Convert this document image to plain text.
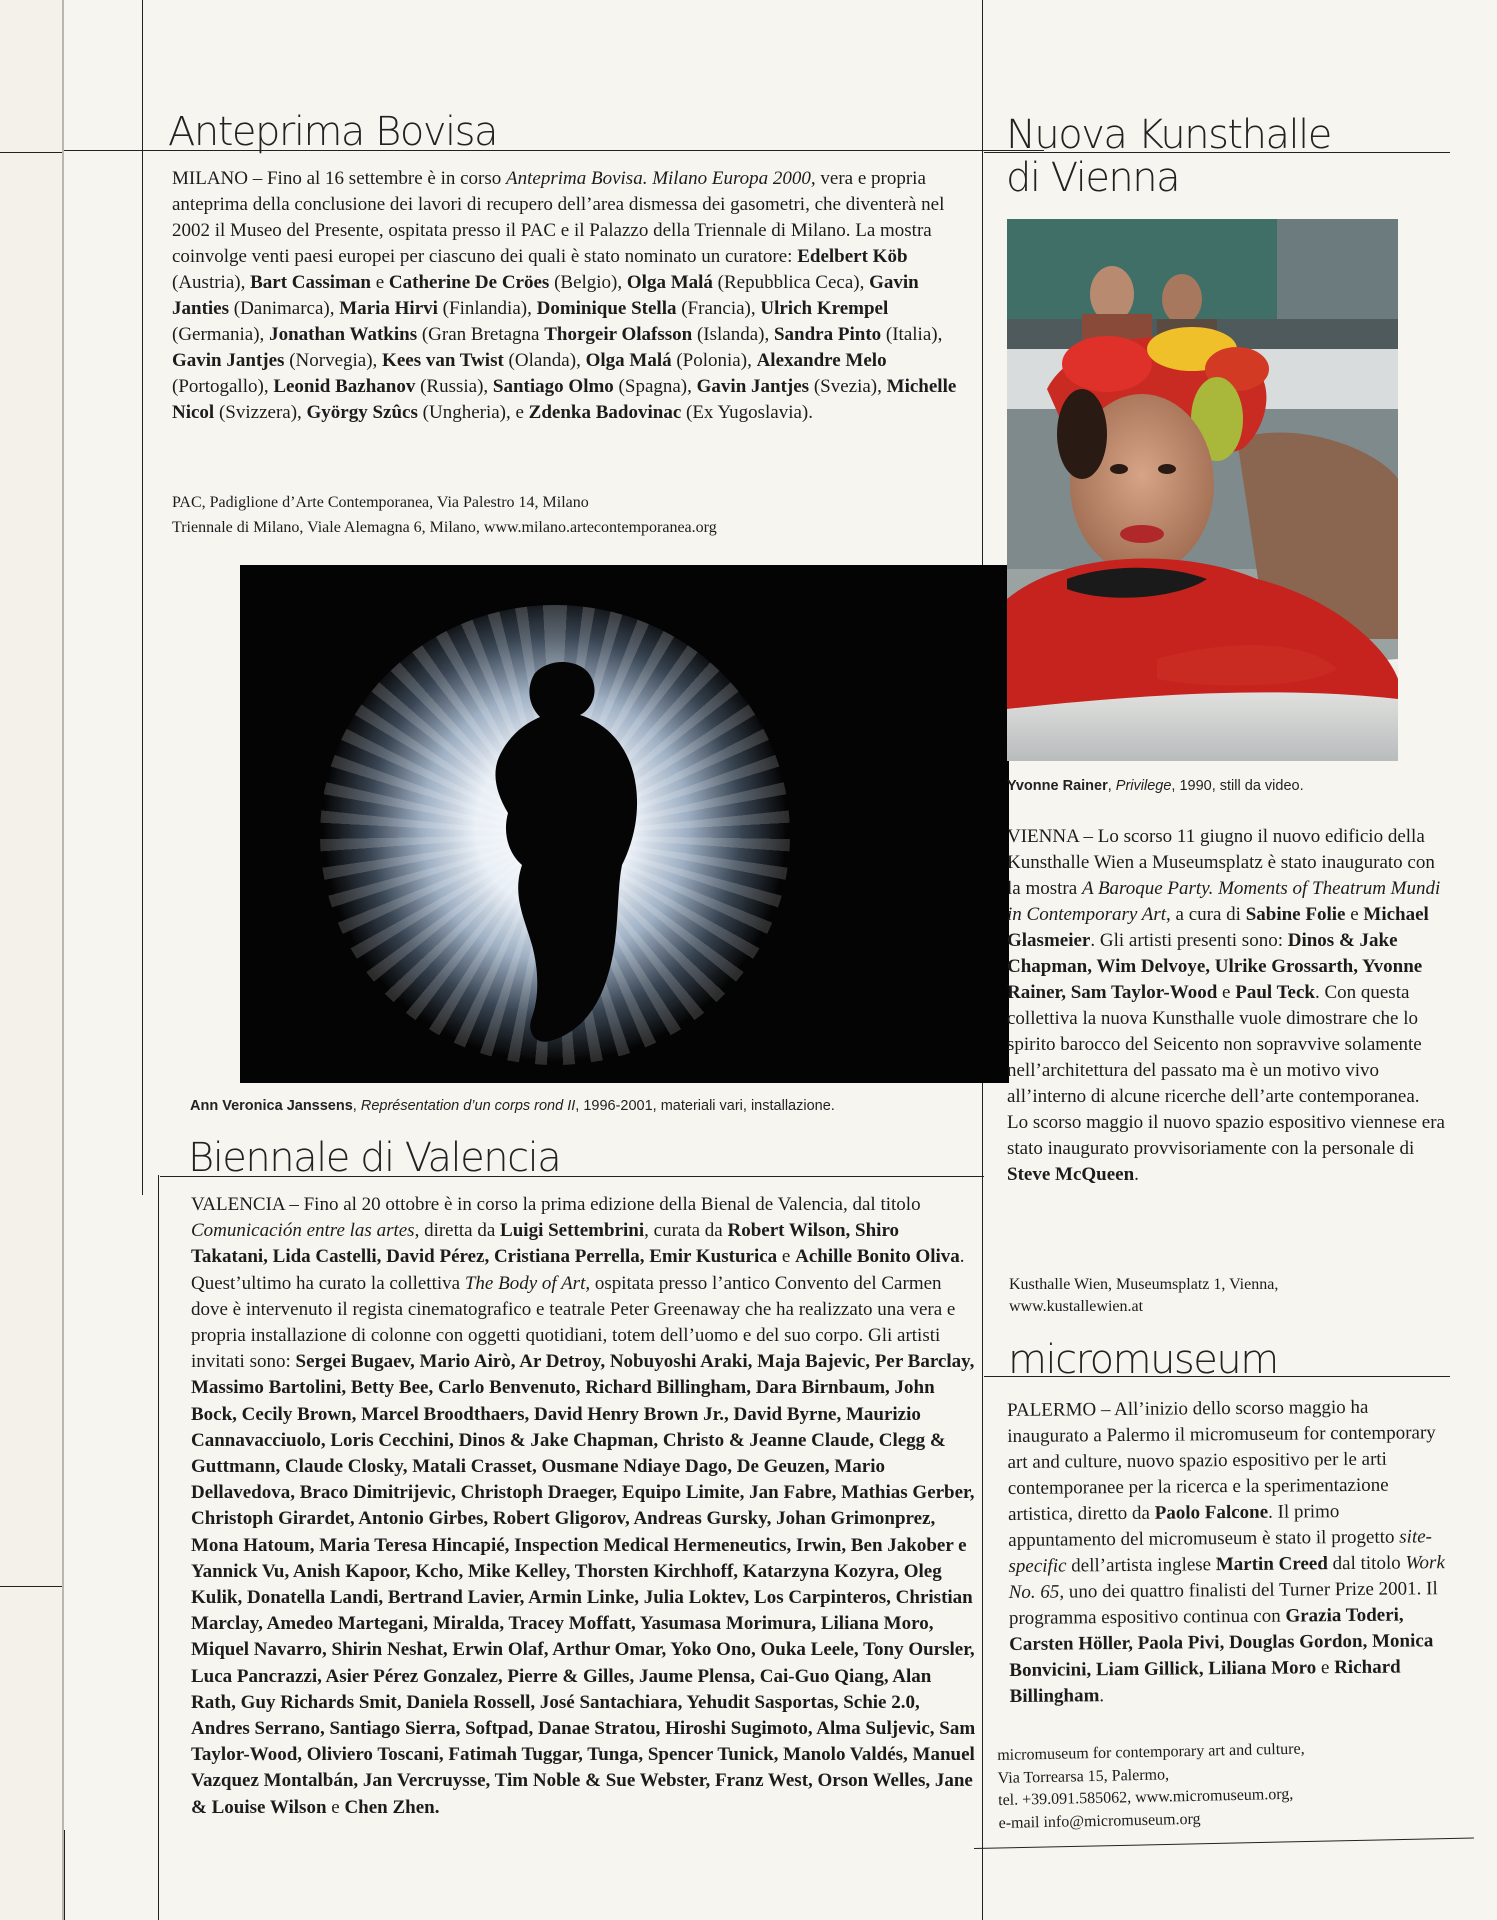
Anteprima Bovisa
MILANO – Fino al 16 settembre è in corso Anteprima Bovisa. Milano Europa 2000, vera e propria anteprima della conclusione dei lavori di recupero dell’area dismessa dei gasometri, che diventerà nel 2002 il Museo del Presente, ospitata presso il PAC e il Palazzo della Triennale di Milano. La mostra coinvolge venti paesi europei per ciascuno dei quali è stato nominato un curatore: Edelbert Köb (Austria), Bart Cassiman e Catherine De Cröes (Belgio), Olga Malá (Repubblica Ceca), Gavin Janties (Danimarca), Maria Hirvi (Finlandia), Dominique Stella (Francia), Ulrich Krempel (Germania), Jonathan Watkins (Gran Bretagna Thorgeir Olafsson (Islanda), Sandra Pinto (Italia), Gavin Jantjes (Norvegia), Kees van Twist (Olanda), Olga Malá (Polonia), Alexandre Melo (Portogallo), Leonid Bazhanov (Russia), Santiago Olmo (Spagna), Gavin Jantjes (Svezia), Michelle Nicol (Svizzera), György Szûcs (Ungheria), e Zdenka Badovinac (Ex Yugoslavia).
PAC, Padiglione d’Arte Contemporanea, Via Palestro 14, Milano
Triennale di Milano, Viale Alemagna 6, Milano, www.milano.artecontemporanea.org
Ann Veronica Janssens, Représentation d’un corps rond II, 1996-2001, materiali vari, installazione.
Biennale di Valencia
VALENCIA – Fino al 20 ottobre è in corso la prima edizione della Bienal de Valencia, dal titolo Comunicación entre las artes, diretta da Luigi Settembrini, curata da Robert Wilson, Shiro Takatani, Lida Castelli, David Pérez, Cristiana Perrella, Emir Kusturica e Achille Bonito Oliva. Quest’ultimo ha curato la collettiva The Body of Art, ospitata presso l’antico Convento del Carmen dove è intervenuto il regista cinematografico e teatrale Peter Greenaway che ha realizzato una vera e propria installazione di colonne con oggetti quotidiani, totem dell’uomo e del suo corpo. Gli artisti invitati sono: Sergei Bugaev, Mario Airò, Ar Detroy, Nobuyoshi Araki, Maja Bajevic, Per Barclay, Massimo Bartolini, Betty Bee, Carlo Benvenuto, Richard Billingham, Dara Birnbaum, John Bock, Cecily Brown, Marcel Broodthaers, David Henry Brown Jr., David Byrne, Maurizio Cannavacciuolo, Loris Cecchini, Dinos & Jake Chapman, Christo & Jeanne Claude, Clegg & Guttmann, Claude Closky, Matali Crasset, Ousmane Ndiaye Dago, De Geuzen, Mario Dellavedova, Braco Dimitrijevic, Christoph Draeger, Equipo Limite, Jan Fabre, Mathias Gerber, Christoph Girardet, Antonio Girbes, Robert Gligorov, Andreas Gursky, Johan Grimonprez, Mona Hatoum, Maria Teresa Hincapié, Inspection Medical Hermeneutics, Irwin, Ben Jakober e Yannick Vu, Anish Kapoor, Kcho, Mike Kelley, Thorsten Kirchhoff, Katarzyna Kozyra, Oleg Kulik, Donatella Landi, Bertrand Lavier, Armin Linke, Julia Loktev, Los Carpinteros, Christian Marclay, Amedeo Martegani, Miralda, Tracey Moffatt, Yasumasa Morimura, Liliana Moro, Miquel Navarro, Shirin Neshat, Erwin Olaf, Arthur Omar, Yoko Ono, Ouka Leele, Tony Oursler, Luca Pancrazzi, Asier Pérez Gonzalez, Pierre & Gilles, Jaume Plensa, Cai-Guo Qiang, Alan Rath, Guy Richards Smit, Daniela Rossell, José Santachiara, Yehudit Sasportas, Schie 2.0, Andres Serrano, Santiago Sierra, Softpad, Danae Stratou, Hiroshi Sugimoto, Alma Suljevic, Sam Taylor-Wood, Oliviero Toscani, Fatimah Tuggar, Tunga, Spencer Tunick, Manolo Valdés, Manuel Vazquez Montalbán, Jan Vercruysse, Tim Noble & Sue Webster, Franz West, Orson Welles, Jane & Louise Wilson e Chen Zhen.
Nuova Kunsthalle
di Vienna
Yvonne Rainer, Privilege, 1990, still da video.
VIENNA – Lo scorso 11 giugno il nuovo edificio della Kunsthalle Wien a Museumsplatz è stato inaugurato con la mostra A Baroque Party. Moments of Theatrum Mundi in Contemporary Art, a cura di Sabine Folie e Michael Glasmeier. Gli artisti presenti sono: Dinos & Jake Chapman, Wim Delvoye, Ulrike Grossarth, Yvonne Rainer, Sam Taylor-Wood e Paul Teck. Con questa collettiva la nuova Kunsthalle vuole dimostrare che lo spirito barocco del Seicento non sopravvive solamente nell’architettura del passato ma è un motivo vivo all’interno di alcune ricerche dell’arte contemporanea.
Lo scorso maggio il nuovo spazio espositivo viennese era stato inaugurato provvisoriamente con la personale di Steve McQueen.
Kusthalle Wien, Museumsplatz 1, Vienna,
www.kustallewien.at
micromuseum
PALERMO – All’inizio dello scorso maggio ha inaugurato a Palermo il micromuseum for contemporary art and culture, nuovo spazio espositivo per le arti contemporanee per la ricerca e la sperimentazione artistica, diretto da Paolo Falcone. Il primo appuntamento del micromuseum è stato il progetto site-specific dell’artista inglese Martin Creed dal titolo Work No. 65, uno dei quattro finalisti del Turner Prize 2001. Il programma espositivo continua con Grazia Toderi, Carsten Höller, Paola Pivi, Douglas Gordon, Monica Bonvicini, Liam Gillick, Liliana Moro e Richard Billingham.
micromuseum for contemporary art and culture,
Via Torrearsa 15, Palermo,
tel. +39.091.585062, www.micromuseum.org,
e-mail info@micromuseum.org
